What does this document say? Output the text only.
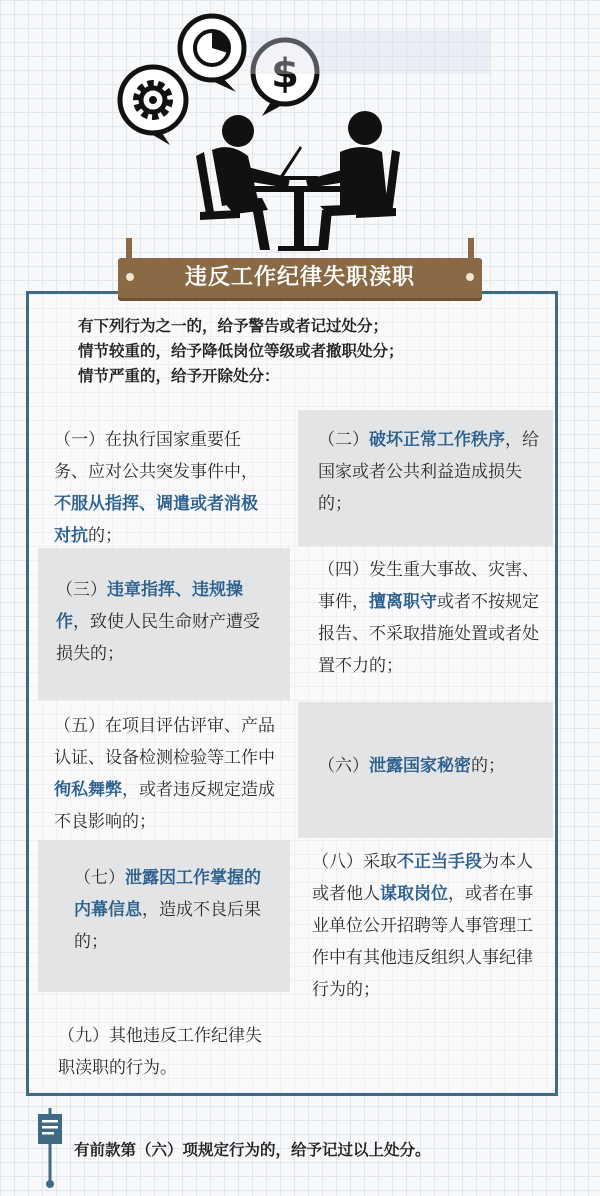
$
违反工作纪律失职渎职
有下列行为之一的，给予警告或者记过处分；
情节较重的，给予降低岗位等级或者撤职处分；
情节严重的，给予开除处分：
（一）在执行国家重要任务、应对公共突发事件中，不服从指挥、调遣或者消极对抗的；
（二）破坏正常工作秩序，给国家或者公共利益造成损失的；
（三）违章指挥、违规操作，致使人民生命财产遭受损失的；
（四）发生重大事故、灾害、事件，擅离职守或者不按规定报告、不采取措施处置或者处置不力的；
（五）在项目评估评审、产品认证、设备检测检验等工作中徇私舞弊，或者违反规定造成不良影响的；
（六）泄露国家秘密的；
（七）泄露因工作掌握的内幕信息，造成不良后果的；
（八）采取不正当手段为本人或者他人谋取岗位，或者在事业单位公开招聘等人事管理工作中有其他违反组织人事纪律行为的；
（九）其他违反工作纪律失职渎职的行为。
有前款第（六）项规定行为的，给予记过以上处分。
